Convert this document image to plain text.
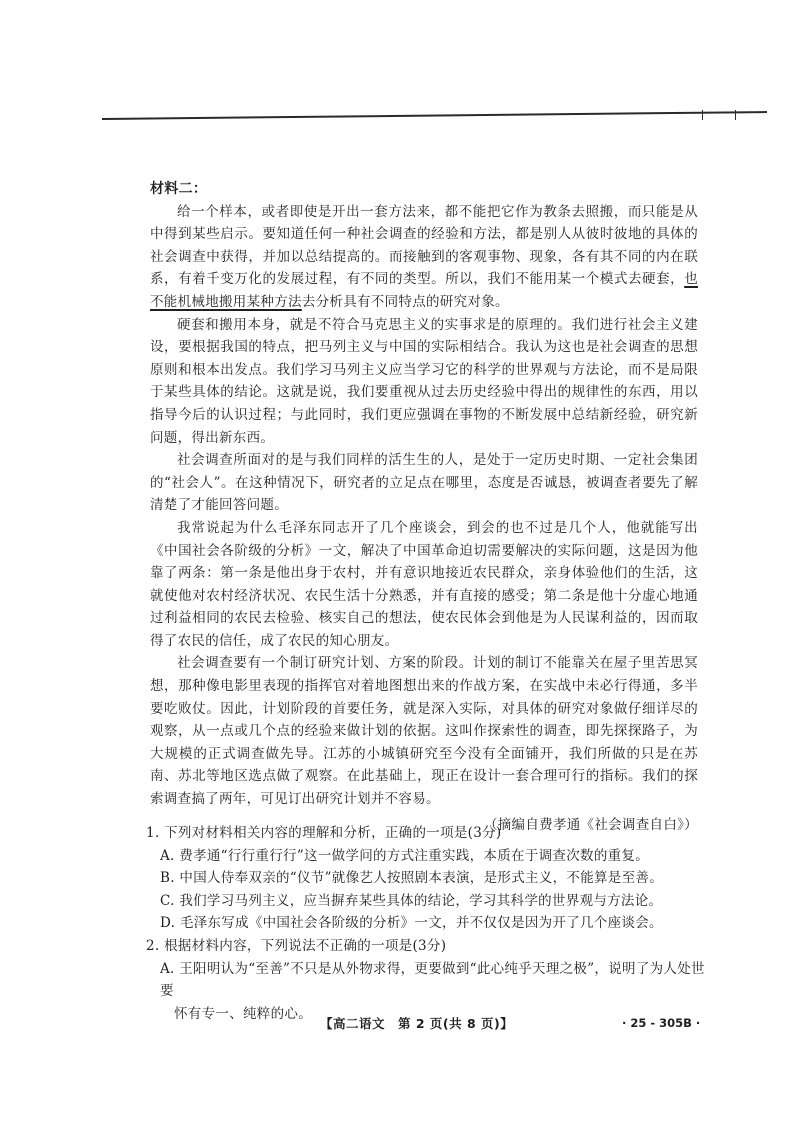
材料二：

给一个样本，或者即使是开出一套方法来，都不能把它作为教条去照搬，而只能是从中得到某些启示。要知道任何一种社会调查的经验和方法，都是别人从彼时彼地的具体的社会调查中获得，并加以总结提高的。而接触到的客观事物、现象，各有其不同的内在联系，有着千变万化的发展过程，有不同的类型。所以，我们不能用某一个模式去硬套，也不能机械地搬用某种方法去分析具有不同特点的研究对象。

硬套和搬用本身，就是不符合马克思主义的实事求是的原理的。我们进行社会主义建设，要根据我国的特点，把马列主义与中国的实际相结合。我认为这也是社会调查的思想原则和根本出发点。我们学习马列主义应当学习它的科学的世界观与方法论，而不是局限于某些具体的结论。这就是说，我们要重视从过去历史经验中得出的规律性的东西，用以指导今后的认识过程；与此同时，我们更应强调在事物的不断发展中总结新经验，研究新问题，得出新东西。

社会调查所面对的是与我们同样的活生生的人，是处于一定历史时期、一定社会集团的“社会人”。在这种情况下，研究者的立足点在哪里，态度是否诚恳，被调查者要先了解清楚了才能回答问题。

我常说起为什么毛泽东同志开了几个座谈会，到会的也不过是几个人，他就能写出《中国社会各阶级的分析》一文，解决了中国革命迫切需要解决的实际问题，这是因为他靠了两条：第一条是他出身于农村，并有意识地接近农民群众，亲身体验他们的生活，这就使他对农村经济状况、农民生活十分熟悉，并有直接的感受；第二条是他十分虚心地通过利益相同的农民去检验、核实自己的想法，使农民体会到他是为人民谋利益的，因而取得了农民的信任，成了农民的知心朋友。

社会调查要有一个制订研究计划、方案的阶段。计划的制订不能靠关在屋子里苦思冥想，那种像电影里表现的指挥官对着地图想出来的作战方案，在实战中未必行得通，多半要吃败仗。因此，计划阶段的首要任务，就是深入实际，对具体的研究对象做仔细详尽的观察，从一点或几个点的经验来做计划的依据。这叫作探索性的调查，即先探探路子，为大规模的正式调查做先导。江苏的小城镇研究至今没有全面铺开，我们所做的只是在苏南、苏北等地区选点做了观察。在此基础上，现正在设计一套合理可行的指标。我们的探索调查搞了两年，可见订出研究计划并不容易。

（摘编自费孝通《社会调查自白》）

1. 下列对材料相关内容的理解和分析，正确的一项是(3分)

A. 费孝通“行行重行行”这一做学问的方式注重实践，本质在于调查次数的重复。

B. 中国人侍奉双亲的“仪节”就像艺人按照剧本表演，是形式主义，不能算是至善。

C. 我们学习马列主义，应当摒弃某些具体的结论，学习其科学的世界观与方法论。

D. 毛泽东写成《中国社会各阶级的分析》一文，并不仅仅是因为开了几个座谈会。

2. 根据材料内容，下列说法不正确的一项是(3分)

A. 王阳明认为“至善”不只是从外物求得，更要做到“此心纯乎天理之极”，说明了为人处世要

怀有专一、纯粹的心。

【高二语文　第 2 页(共 8 页)】	· 25 - 305B ·
